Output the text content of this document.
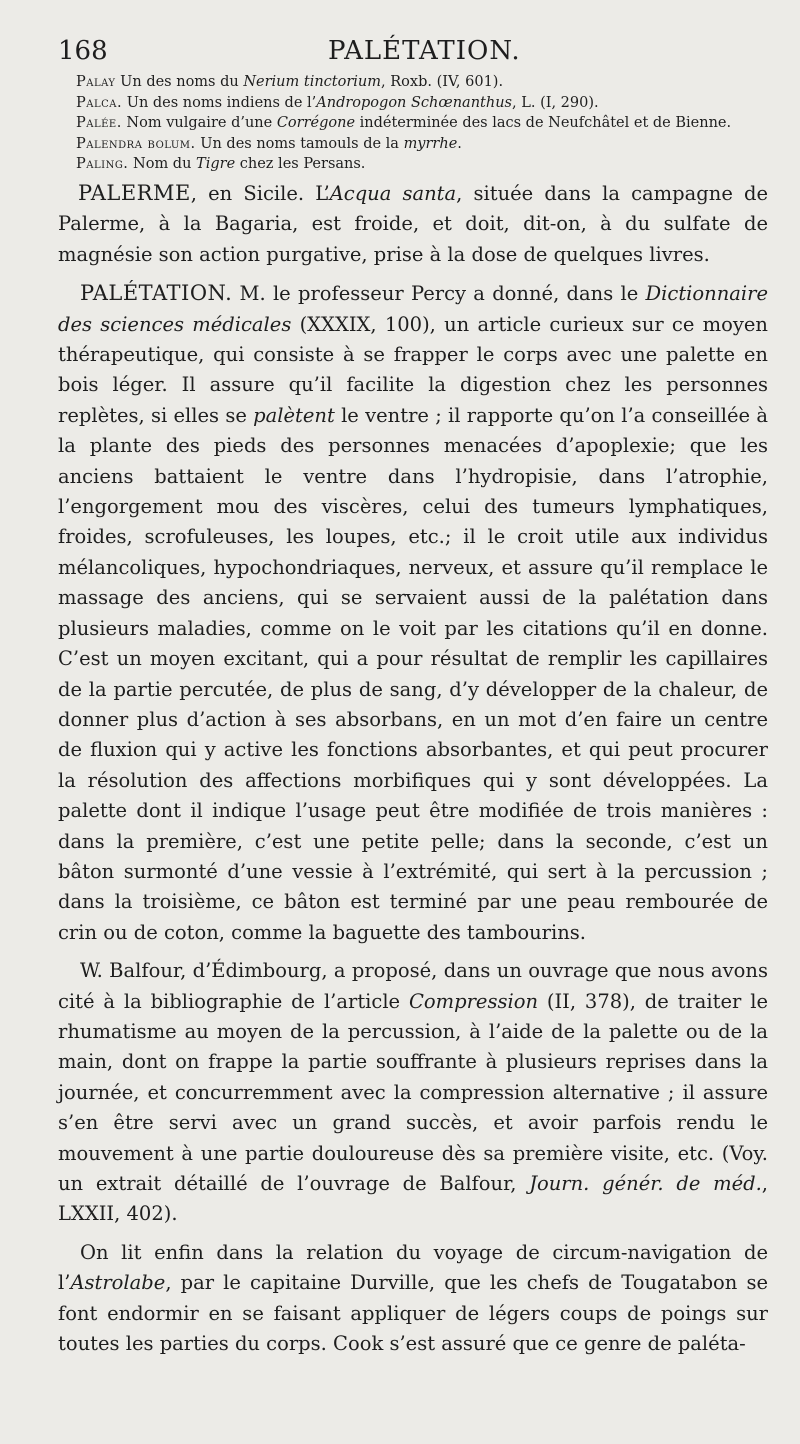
168	PALÉTATION.
Palay Un des noms du Nerium tinctorium, Roxb. (IV, 601).
Palca. Un des noms indiens de l’Andropogon Schœnanthus, L. (I, 290).
Palée. Nom vulgaire d’une Corrégone indéterminée des lacs de Neufchâtel et de Bienne.
Palendra bolum. Un des noms tamouls de la myrrhe.
Paling. Nom du Tigre chez les Persans.

PALERME, en Sicile. L’Acqua santa, située dans la campagne de Palerme, à la Bagaria, est froide, et doit, dit-on, à du sulfate de magnésie son action purgative, prise à la dose de quelques livres.

PALÉTATION. M. le professeur Percy a donné, dans le Dictionnaire des sciences médicales (XXXIX, 100), un article curieux sur ce moyen thérapeutique, qui consiste à se frapper le corps avec une palette en bois léger. Il assure qu’il facilite la digestion chez les personnes replètes, si elles se palètent le ventre ; il rapporte qu’on l’a conseillée à la plante des pieds des personnes menacées d’apoplexie; que les anciens battaient le ventre dans l’hydropisie, dans l’atrophie, l’engorgement mou des viscères, celui des tumeurs lymphatiques, froides, scrofuleuses, les loupes, etc.; il le croit utile aux individus mélancoliques, hypochondriaques, nerveux, et assure qu’il remplace le massage des anciens, qui se servaient aussi de la palétation dans plusieurs maladies, comme on le voit par les citations qu’il en donne. C’est un moyen excitant, qui a pour résultat de remplir les capillaires de la partie percutée, de plus de sang, d’y développer de la chaleur, de donner plus d’action à ses absorbans, en un mot d’en faire un centre de fluxion qui y active les fonctions absorbantes, et qui peut procurer la résolution des affections morbifiques qui y sont développées. La palette dont il indique l’usage peut être modifiée de trois manières : dans la première, c’est une petite pelle; dans la seconde, c’est un bâton surmonté d’une vessie à l’extrémité, qui sert à la percussion ; dans la troisième, ce bâton est terminé par une peau rembourée de crin ou de coton, comme la baguette des tambourins.

W. Balfour, d’Édimbourg, a proposé, dans un ouvrage que nous avons cité à la bibliographie de l’article Compression (II, 378), de traiter le rhumatisme au moyen de la percussion, à l’aide de la palette ou de la main, dont on frappe la partie souffrante à plusieurs reprises dans la journée, et concurremment avec la compression alternative ; il assure s’en être servi avec un grand succès, et avoir parfois rendu le mouvement à une partie douloureuse dès sa première visite, etc. (Voy. un extrait détaillé de l’ouvrage de Balfour, Journ. génér. de méd., LXXII, 402).

On lit enfin dans la relation du voyage de circum-navigation de l’Astrolabe, par le capitaine Durville, que les chefs de Tougatabon se font endormir en se faisant appliquer de légers coups de poings sur toutes les parties du corps. Cook s’est assuré que ce genre de paléta-
